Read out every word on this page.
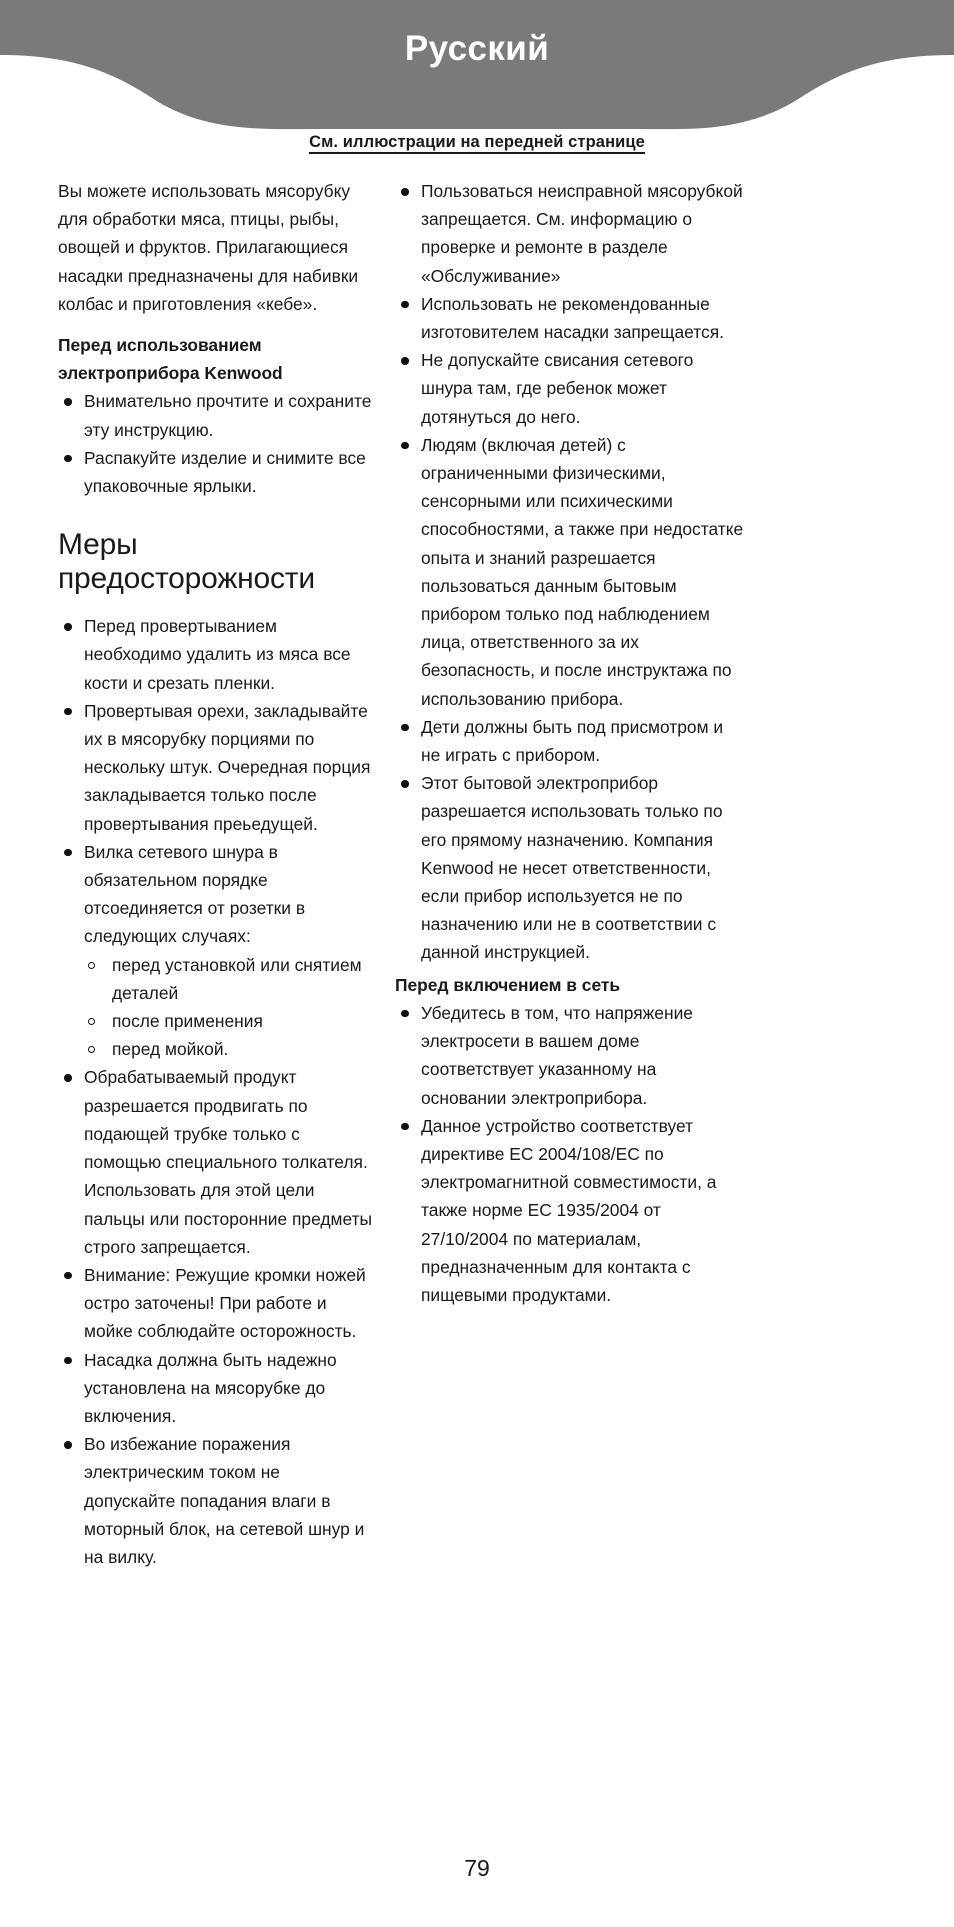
Русский
См. иллюстрации на передней странице

Вы можете использовать мясорубку для обработки мяса, птицы, рыбы, овощей и фруктов. Прилагающиеся насадки предназначены для набивки колбас и приготовления «кебе».

Перед использованием электроприбора Kenwood
Внимательно прочтите и сохраните эту инструкцию.
Распакуйте изделие и снимите все упаковочные ярлыки.
Меры предосторожности
Перед провертыванием необходимо удалить из мяса все кости и срезать пленки.
Провертывая орехи, закладывайте их в мясорубку порциями по нескольку штук. Очередная порция закладывается только после провертывания преьедущей.
Вилка сетевого шнура в обязательном порядке отсоединяется от розетки в следующих случаях:
перед установкой или снятием деталей
после применения
перед мойкой.
Обрабатываемый продукт разрешается продвигать по подающей трубке только с помощью специального толкателя. Использовать для этой цели пальцы или посторонние предметы строго запрещается.
Внимание: Режущие кромки ножей остро заточены! При работе и мойке соблюдайте осторожность.
Насадка должна быть надежно установлена на мясорубке до включения.
Во избежание поражения электрическим током не допускайте попадания влаги в моторный блок, на сетевой шнур и на вилку.
Пользоваться неисправной мясорубкой запрещается. См. информацию о проверке и ремонте в разделе «Обслуживание»
Использовать не рекомендованные изготовителем насадки запрещается.
Не допускайте свисания сетевого шнура там, где ребенок может дотянуться до него.
Людям (включая детей) с ограниченными физическими, сенсорными или психическими способностями, а также при недостатке опыта и знаний разрешается пользоваться данным бытовым прибором только под наблюдением лица, ответственного за их безопасность, и после инструктажа по использованию прибора.
Дети должны быть под присмотром и не играть с прибором.
Этот бытовой электроприбор разрешается использовать только по его прямому назначению. Компания Kenwood не несет ответственности, если прибор используется не по назначению или не в соответствии с данной инструкцией.
Перед включением в сеть
Убедитесь в том, что напряжение электросети в вашем доме соответствует указанному на основании электроприбора.
Данное устройство соответствует директиве ЕС 2004/108/ЕС по электромагнитной совместимости, а также норме ЕС 1935/2004 от 27/10/2004 по материалам, предназначенным для контакта с пищевыми продуктами.
79
